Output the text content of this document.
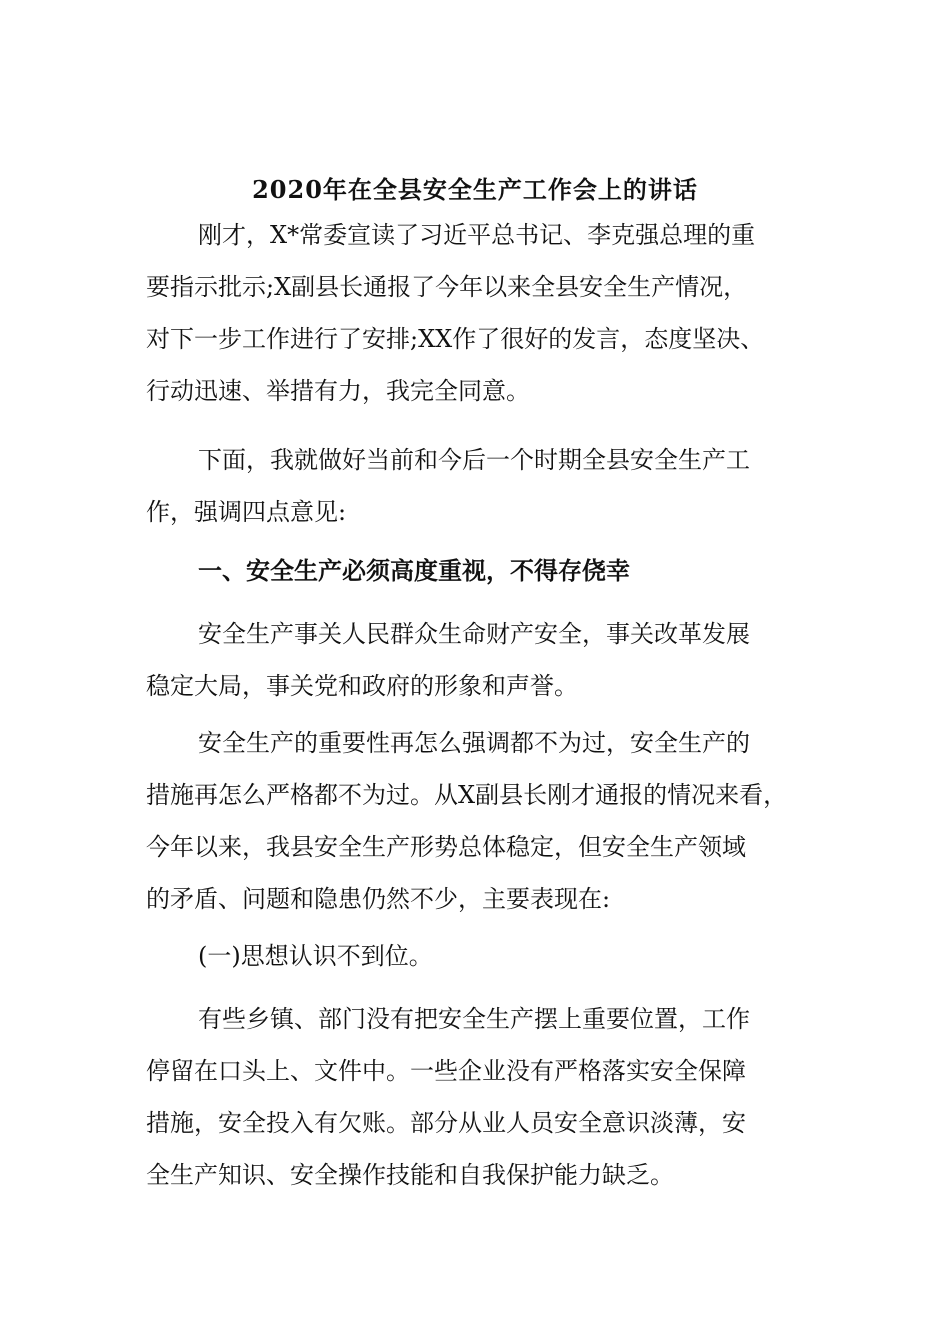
2020年在全县安全生产工作会上的讲话
刚才，X*常委宣读了习近平总书记、李克强总理的重
要指示批示;X副县长通报了今年以来全县安全生产情况，
对下一步工作进行了安排;XX作了很好的发言，态度坚决、
行动迅速、举措有力，我完全同意。
下面，我就做好当前和今后一个时期全县安全生产工
作，强调四点意见:
一、安全生产必须高度重视，不得存侥幸
安全生产事关人民群众生命财产安全，事关改革发展
稳定大局，事关党和政府的形象和声誉。
安全生产的重要性再怎么强调都不为过，安全生产的
措施再怎么严格都不为过。从X副县长刚才通报的情况来看，
今年以来，我县安全生产形势总体稳定，但安全生产领域
的矛盾、问题和隐患仍然不少，主要表现在:
(一)思想认识不到位。
有些乡镇、部门没有把安全生产摆上重要位置，工作
停留在口头上、文件中。一些企业没有严格落实安全保障
措施，安全投入有欠账。部分从业人员安全意识淡薄，安
全生产知识、安全操作技能和自我保护能力缺乏。
